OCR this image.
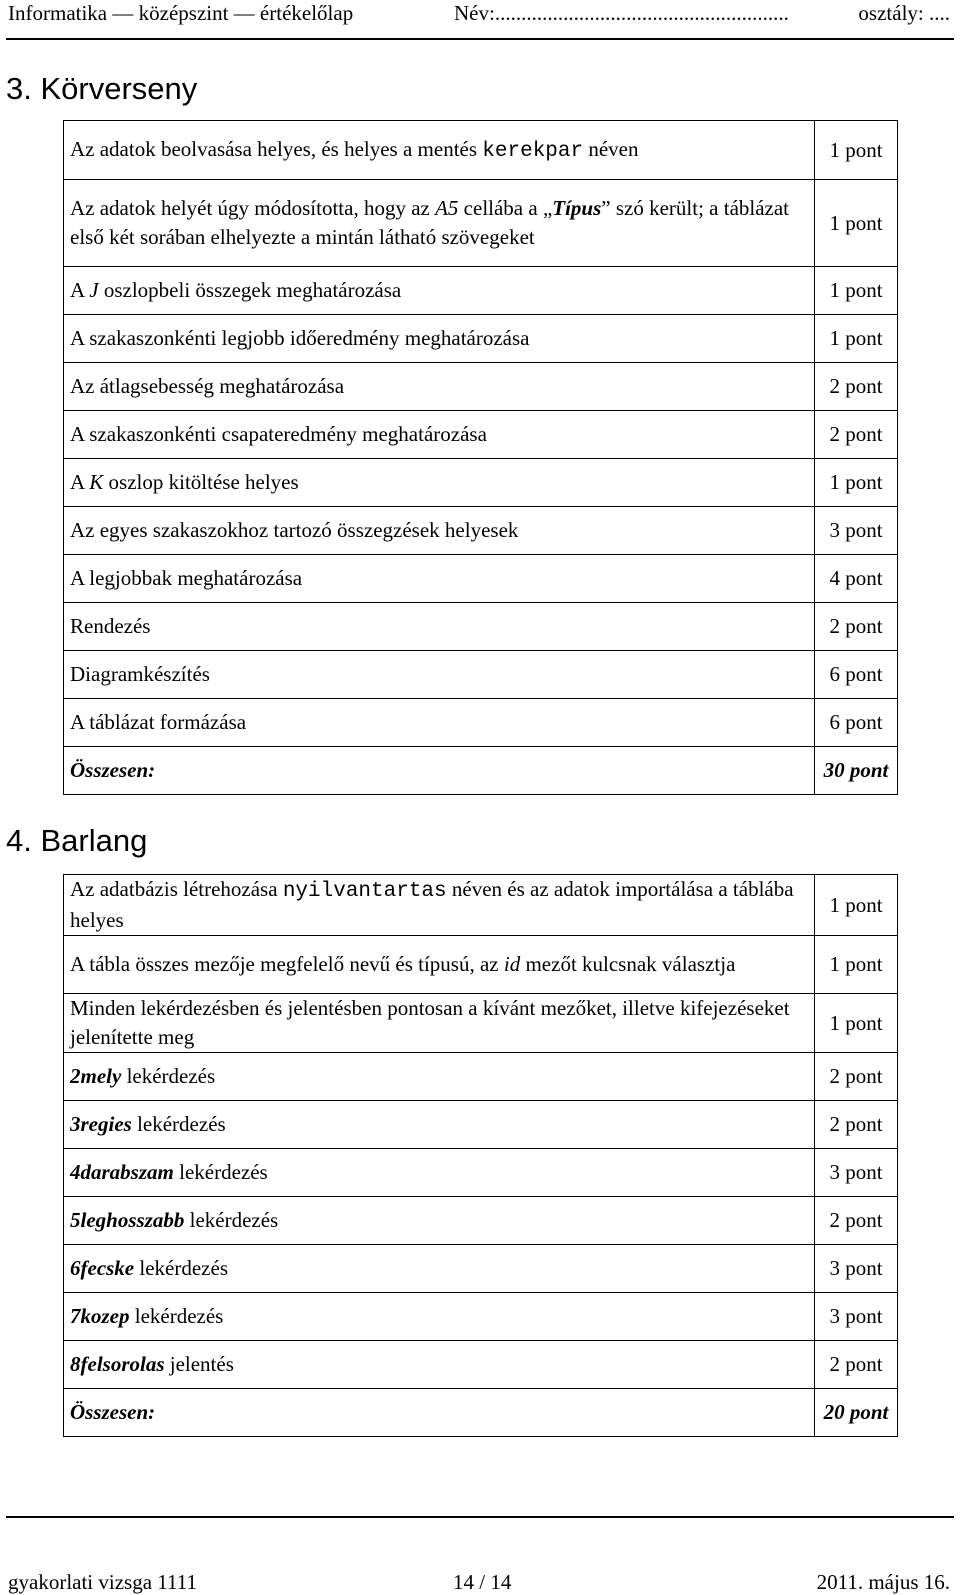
Informatika — középszint — értékelőlap	Név:........................................................	osztály: ....
3. Körverseny
Az adatok beolvasása helyes, és helyes a mentés kerekpar néven	1 pont
Az adatok helyét úgy módosította, hogy az A5 cellába a „Típus” szó került; a táblázat első két sorában elhelyezte a mintán látható szövegeket	1 pont
A J oszlopbeli összegek meghatározása	1 pont
A szakaszonkénti legjobb időeredmény meghatározása	1 pont
Az átlagsebesség meghatározása	2 pont
A szakaszonkénti csapateredmény meghatározása	2 pont
A K oszlop kitöltése helyes	1 pont
Az egyes szakaszokhoz tartozó összegzések helyesek	3 pont
A legjobbak meghatározása	4 pont
Rendezés	2 pont
Diagramkészítés	6 pont
A táblázat formázása	6 pont
Összesen:	30 pont
4. Barlang
Az adatbázis létrehozása nyilvantartas néven és az adatok importálása a táblába helyes	1 pont
A tábla összes mezője megfelelő nevű és típusú, az id mezőt kulcsnak választja	1 pont
Minden lekérdezésben és jelentésben pontosan a kívánt mezőket, illetve kifejezéseket jelenítette meg	1 pont
2mely lekérdezés	2 pont
3regies lekérdezés	2 pont
4darabszam lekérdezés	3 pont
5leghosszabb lekérdezés	2 pont
6fecske lekérdezés	3 pont
7kozep lekérdezés	3 pont
8felsorolas jelentés	2 pont
Összesen:	20 pont
gyakorlati vizsga 1111	14 / 14	2011. május 16.
